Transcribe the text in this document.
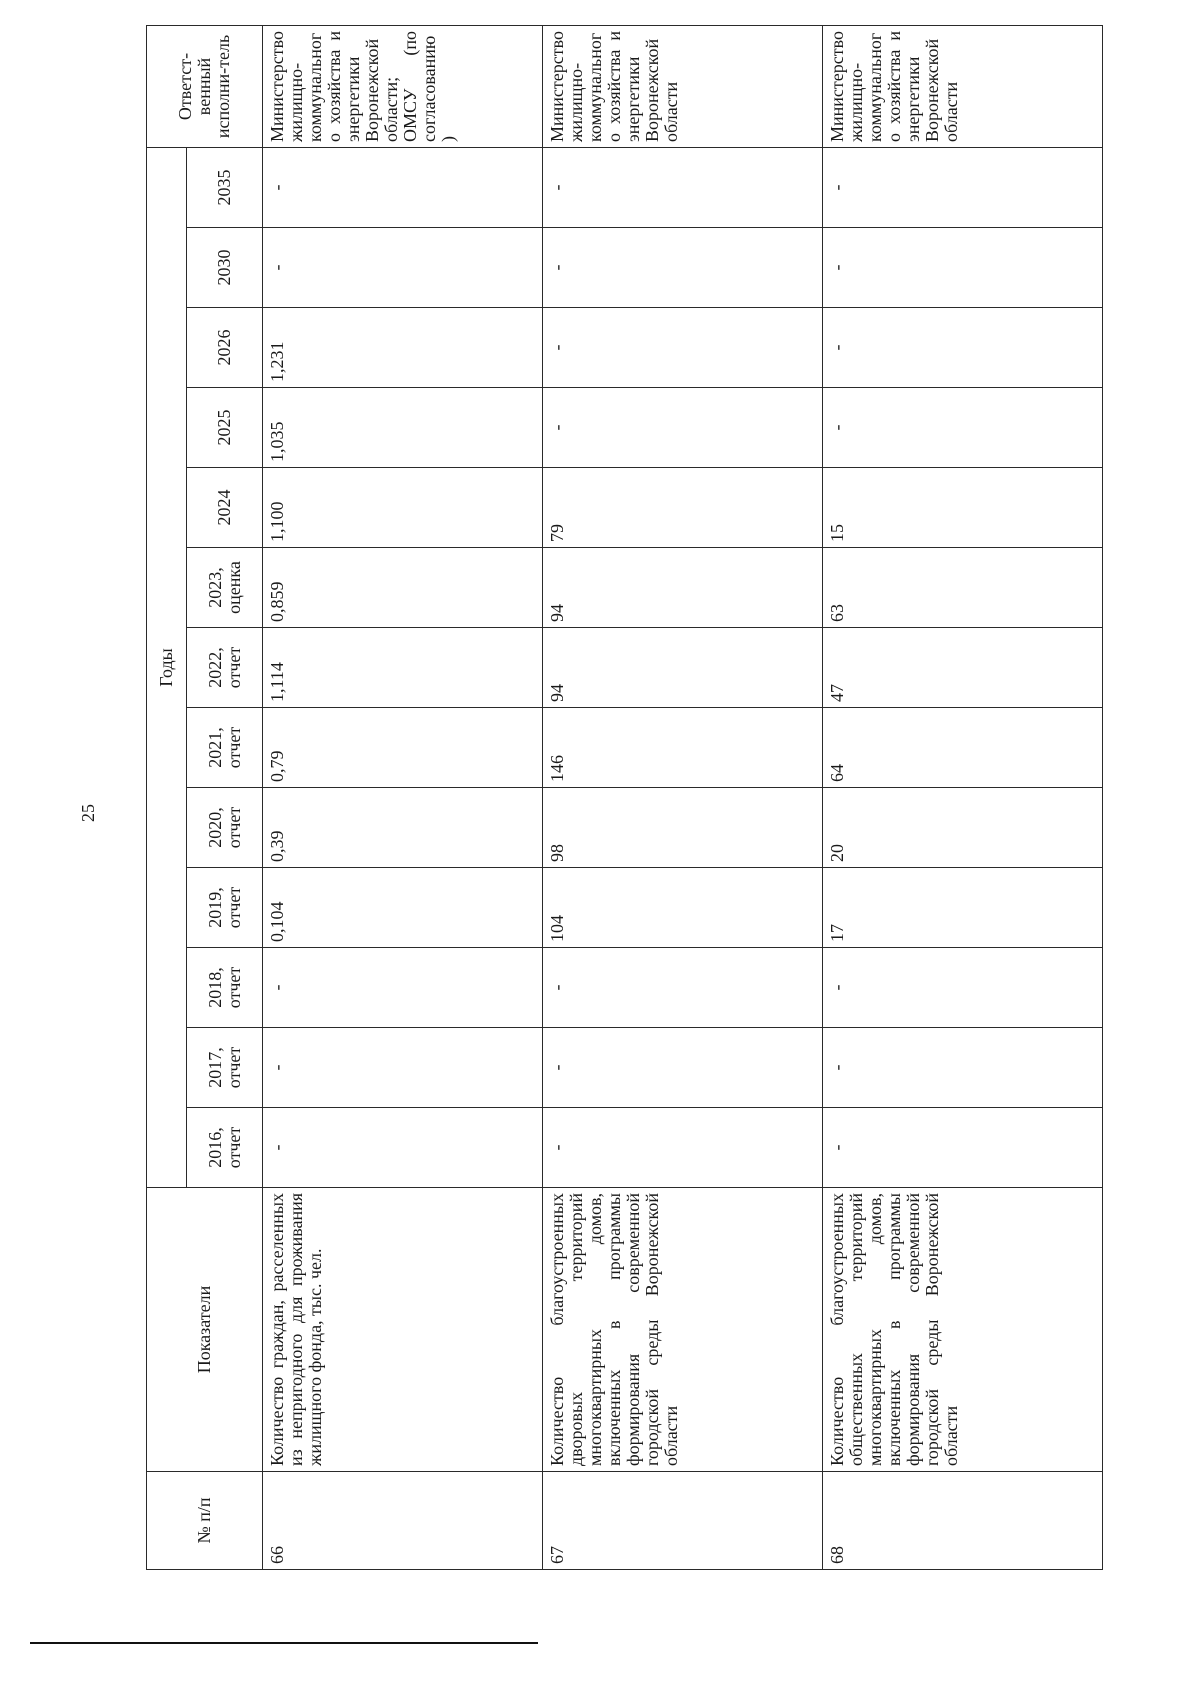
25
№ п/п	Показатели	Годы													Ответст-венный исполни-тель
		2016, отчет	2017, отчет	2018, отчет	2019, отчет	2020, отчет	2021, отчет	2022, отчет	2023, оценка	2024	2025	2026	2030	2035	
66	Количество граждан, расселенных из непригодного для проживания жилищного фонда, тыс. чел.	-	-	-	0,104	0,39	0,79	1,114	0,859	1,100	1,035	1,231	-	-	Министерство жилищно-коммунального хозяйства и энергетики Воронежской области; ОМСУ (по согласованию)
67	Количество благоустроенных дворовых территорий многоквартирных домов, включенных в программы формирования современной городской среды Воронежской области	-	-	-	104	98	146	94	94	79	-	-	-	-	Министерство жилищно-коммунального хозяйства и энергетики Воронежской области
68	Количество благоустроенных общественных территорий многоквартирных домов, включенных в программы формирования современной городской среды Воронежской области	-	-	-	17	20	64	47	63	15	-	-	-	-	Министерство жилищно-коммунального хозяйства и энергетики Воронежской области
